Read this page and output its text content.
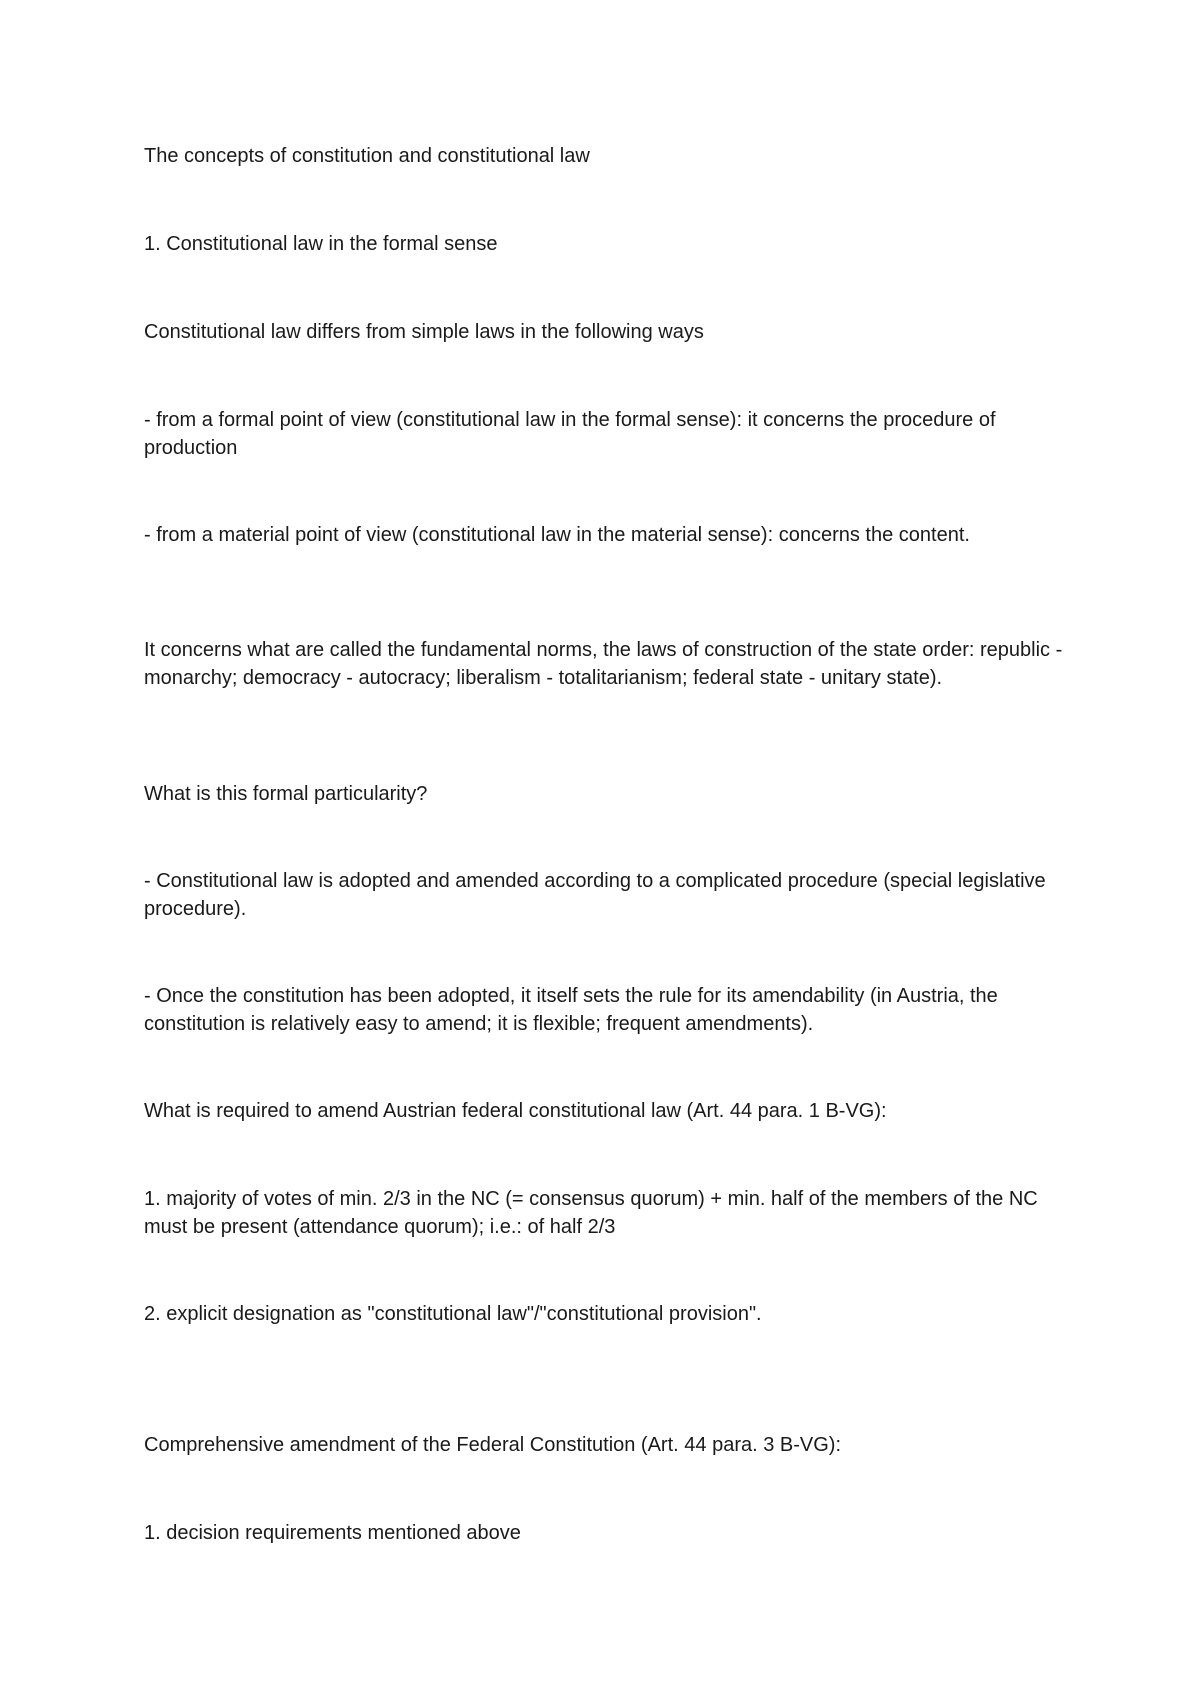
The concepts of constitution and constitutional law

1. Constitutional law in the formal sense

Constitutional law differs from simple laws in the following ways

- from a formal point of view (constitutional law in the formal sense): it concerns the procedure of production

- from a material point of view (constitutional law in the material sense): concerns the content.

It concerns what are called the fundamental norms, the laws of construction of the state order: republic - monarchy; democracy - autocracy; liberalism - totalitarianism; federal state - unitary state).

What is this formal particularity?

- Constitutional law is adopted and amended according to a complicated procedure (special legislative procedure).

- Once the constitution has been adopted, it itself sets the rule for its amendability (in Austria, the constitution is relatively easy to amend; it is flexible; frequent amendments).

What is required to amend Austrian federal constitutional law (Art. 44 para. 1 B-VG):

1. majority of votes of min. 2/3 in the NC (= consensus quorum) + min. half of the members of the NC must be present (attendance quorum); i.e.: of half 2/3

2. explicit designation as "constitutional law"/"constitutional provision".

Comprehensive amendment of the Federal Constitution (Art. 44 para. 3 B-VG):

1. decision requirements mentioned above
